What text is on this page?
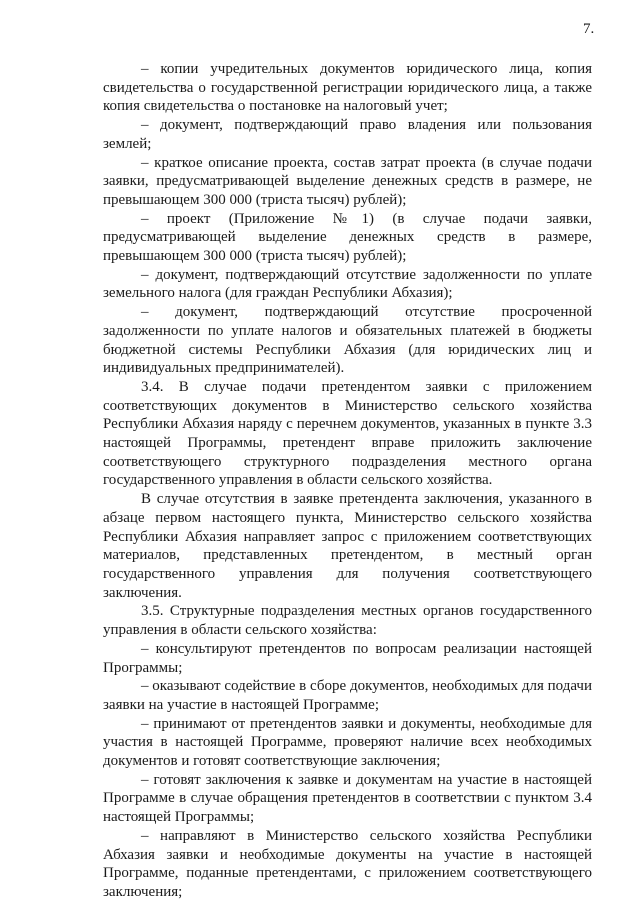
7.

– копии учредительных документов юридического лица, копия свидетельства о государственной регистрации юридического лица, а также копия свидетельства о постановке на налоговый учет;

– документ, подтверждающий право владения или пользования землей;

– краткое описание проекта, состав затрат проекта (в случае подачи заявки, предусматривающей выделение денежных средств в размере, не превышающем 300 000 (триста тысяч) рублей);

– проект (Приложение №1) (в случае подачи заявки, предусматривающей выделение денежных средств в размере, превышающем 300 000 (триста тысяч) рублей);

– документ, подтверждающий отсутствие задолженности по уплате земельного налога (для граждан Республики Абхазия);

– документ, подтверждающий отсутствие просроченной задолженности по уплате налогов и обязательных платежей в бюджеты бюджетной системы Республики Абхазия (для юридических лиц и индивидуальных предпринимателей).

3.4. В случае подачи претендентом заявки с приложением соответствующих документов в Министерство сельского хозяйства Республики Абхазия наряду с перечнем документов, указанных в пункте 3.3 настоящей Программы, претендент вправе приложить заключение соответствующего структурного подразделения местного органа государственного управления в области сельского хозяйства.

В случае отсутствия в заявке претендента заключения, указанного в абзаце первом настоящего пункта, Министерство сельского хозяйства Республики Абхазия направляет запрос с приложением соответствующих материалов, представленных претендентом, в местный орган государственного управления для получения соответствующего заключения.

3.5. Структурные подразделения местных органов государственного управления в области сельского хозяйства:

– консультируют претендентов по вопросам реализации настоящей Программы;

– оказывают содействие в сборе документов, необходимых для подачи заявки на участие в настоящей Программе;

– принимают от претендентов заявки и документы, необходимые для участия в настоящей Программе, проверяют наличие всех необходимых документов и готовят соответствующие заключения;

– готовят заключения к заявке и документам на участие в настоящей Программе в случае обращения претендентов в соответствии с пунктом 3.4 настоящей Программы;

– направляют в Министерство сельского хозяйства Республики Абхазия заявки и необходимые документы на участие в настоящей Программе, поданные претендентами, с приложением соответствующего заключения;
